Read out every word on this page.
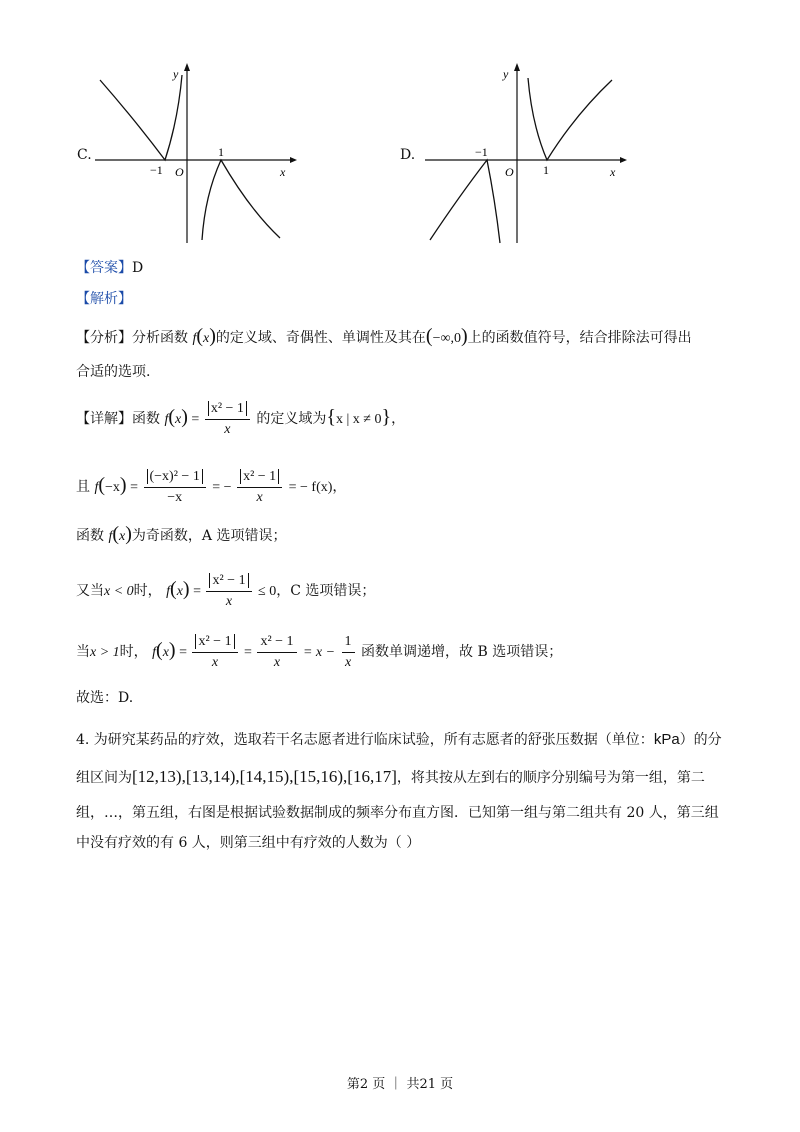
C.
−1
1
O	x
y
D.	−1
1
O	x
y
【答案】D
【解析】
【分析】分析函数 f(x)的定义域、奇偶性、单调性及其在(−∞,0)上的函数值符号，结合排除法可得出
合适的选项.
【详解】函数 $f(x) = \frac{\text{x² − 1}}{x}$ 的定义域为{x | x ≠ 0}，
且 $f(-x) = \frac{\text{(−x)² − 1}}{-x}$ = − $\frac{\text{x² − 1}}{x}$ = − f(x)，
函数 f(x)为奇函数，A 选项错误；
又当x < 0时， $f(x) = \frac{\text{x² − 1}}{x} \le 0$，C 选项错误；
当x > 1时， $f(x) = \frac{\text{x² − 1}}{x} = \frac{\text{x² − 1}}{x} = x - \frac{1}{x}$ 函数单调递增，故 B 选项错误；
故选：D.
4. 为研究某药品的疗效，选取若干名志愿者进行临床试验，所有志愿者的舒张压数据（单位：kPa）的分
组区间为[12,13),[13,14),[14,15),[15,16),[16,17]，将其按从左到右的顺序分别编号为第一组，第二
组，…，第五组，右图是根据试验数据制成的频率分布直方图．已知第一组与第二组共有 20 人，第三组
中没有疗效的有 6 人，则第三组中有疗效的人数为（ ）
第2 页 ｜ 共21 页
